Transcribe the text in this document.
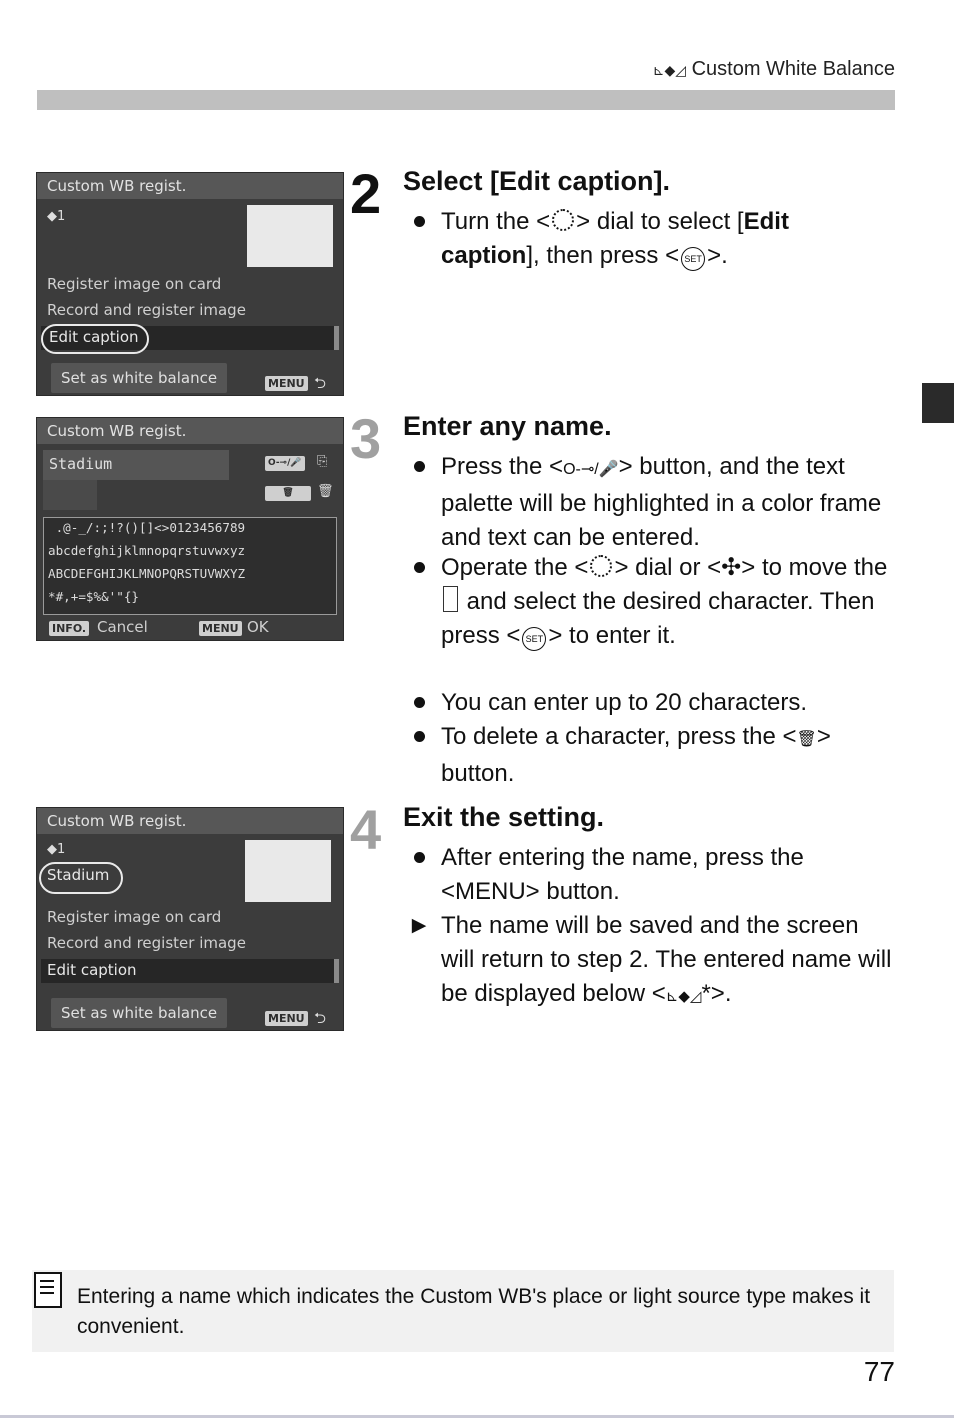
⊾◆◿ Custom White Balance
Custom WB regist.
◆1
Register image on card
Record and register image
Edit caption
Set as white balance	MENU ⮌
Custom WB regist.
Stadium	O-⊸/🎤 ⎘
🗑	🗑
.@-_/:;!?()[]<>0123456789
abcdefghijklmnopqrstuvwxyz
ABCDEFGHIJKLMNOPQRSTUVWXYZ
*#,+=$%&'"{}
INFO. Cancel	MENU OK
Custom WB regist.
◆1
Stadium
Register image on card
Record and register image
Edit caption
Set as white balance	MENU ⮌
2 Select [Edit caption].
Turn the < > dial to select [Edit
caption], then press < SET >.
3 Enter any name.
Press the <O-⊸/🎤> button, and the text palette will be highlighted in a color frame and text can be entered.
Operate the < > dial or <✣> to move the  and select the desired character. Then press < SET > to enter it.
You can enter up to 20 characters.
To delete a character, press the <🗑> button.
4 Exit the setting.
After entering the name, press the <MENU> button.
▶ The name will be saved and the screen will return to step 2. The entered name will be displayed below <⊾◆◿*>.
Entering a name which indicates the Custom WB's place or light source type makes it convenient.
77
